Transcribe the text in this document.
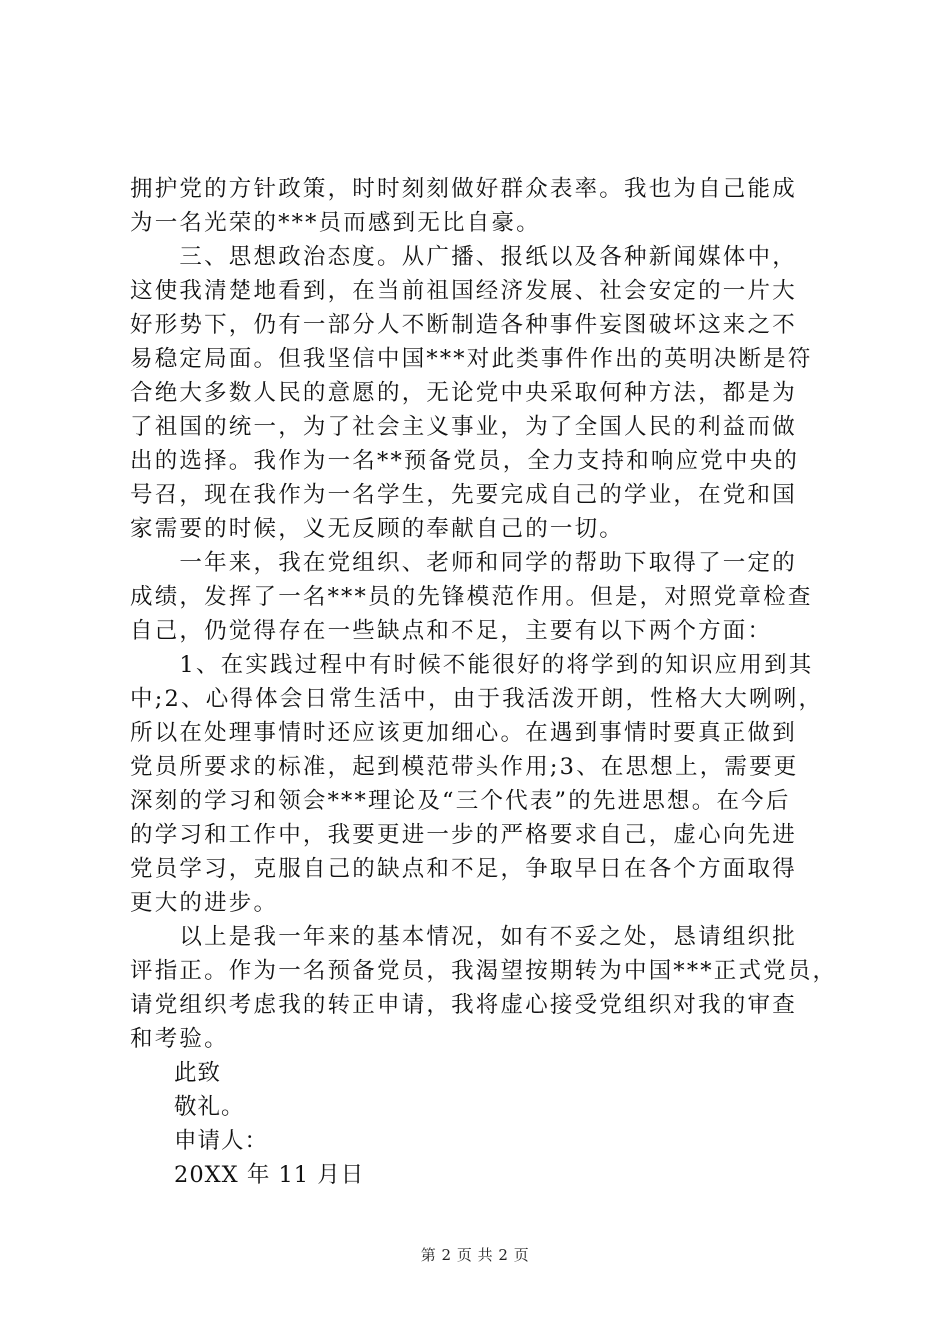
拥护党的方针政策，时时刻刻做好群众表率。我也为自己能成
为一名光荣的***员而感到无比自豪。
　　三、思想政治态度。从广播、报纸以及各种新闻媒体中，
这使我清楚地看到，在当前祖国经济发展、社会安定的一片大
好形势下，仍有一部分人不断制造各种事件妄图破坏这来之不
易稳定局面。但我坚信中国***对此类事件作出的英明决断是符
合绝大多数人民的意愿的，无论党中央采取何种方法，都是为
了祖国的统一，为了社会主义事业，为了全国人民的利益而做
出的选择。我作为一名**预备党员，全力支持和响应党中央的
号召，现在我作为一名学生，先要完成自己的学业，在党和国
家需要的时候，义无反顾的奉献自己的一切。
　　一年来，我在党组织、老师和同学的帮助下取得了一定的
成绩，发挥了一名***员的先锋模范作用。但是，对照党章检查
自己，仍觉得存在一些缺点和不足，主要有以下两个方面：
　　1、在实践过程中有时候不能很好的将学到的知识应用到其
中;2、心得体会日常生活中，由于我活泼开朗，性格大大咧咧，
所以在处理事情时还应该更加细心。在遇到事情时要真正做到
党员所要求的标准，起到模范带头作用;3、在思想上，需要更
深刻的学习和领会***理论及“三个代表”的先进思想。在今后
的学习和工作中，我要更进一步的严格要求自己，虚心向先进
党员学习，克服自己的缺点和不足，争取早日在各个方面取得
更大的进步。
　　以上是我一年来的基本情况，如有不妥之处，恳请组织批
评指正。作为一名预备党员，我渴望按期转为中国***正式党员，
请党组织考虑我的转正申请，我将虚心接受党组织对我的审查
和考验。
此致
敬礼。
申请人：
20XX 年 11 月日
第 2 页 共 2 页
